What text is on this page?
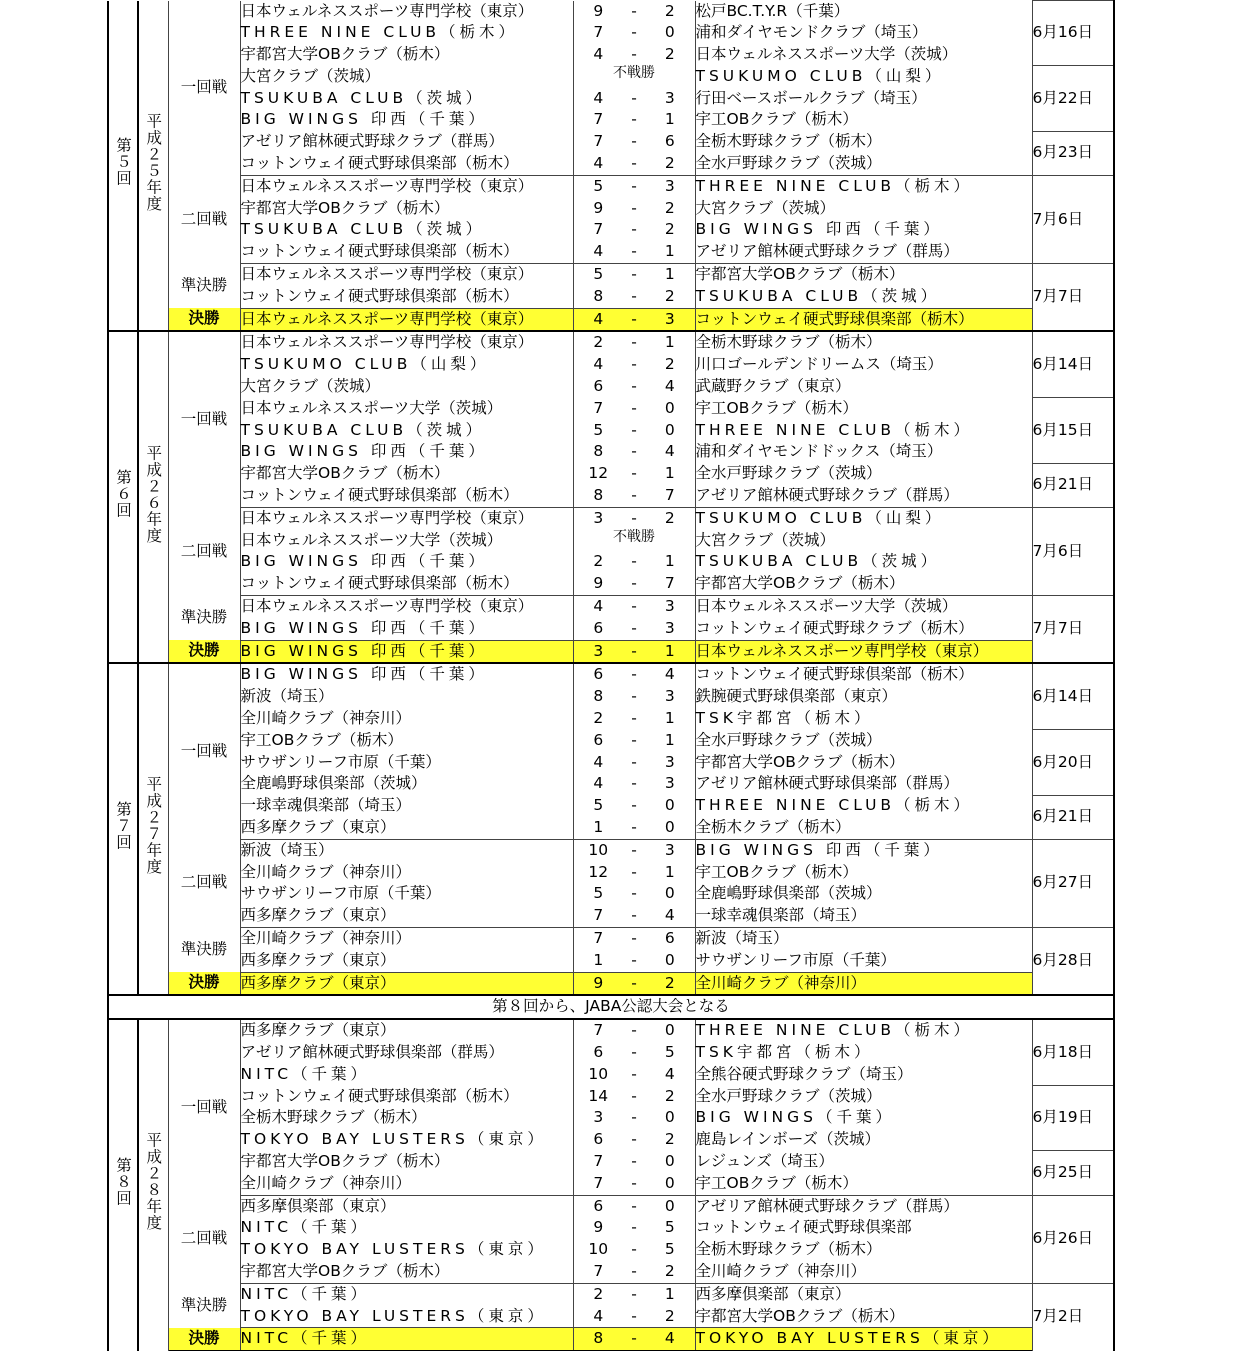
第５回	平成２５年度	一回戦	日本ウェルネススポーツ専門学校（東京）	9	-	2	松戸BC.T.Y.R（千葉）	6月16日
			THREE NINE CLUB（栃木）	7	-	0	浦和ダイヤモンドクラブ（埼玉）	
			宇都宮大学OBクラブ（栃木）	4	-	2	日本ウェルネススポーツ大学（茨城）	
			大宮クラブ（茨城）	不戦勝			TSUKUMO CLUB（山梨）	6月22日
			TSUKUBA CLUB（茨城）	4	-	3	行田ベースボールクラブ（埼玉）	
			BIG WINGS 印西（千葉）	7	-	1	宇工OBクラブ（栃木）	
			アゼリア館林硬式野球クラブ（群馬）	7	-	6	全栃木野球クラブ（栃木）	6月23日
			コットンウェイ硬式野球倶楽部（栃木）	4	-	2	全水戸野球クラブ（茨城）	
		二回戦	日本ウェルネススポーツ専門学校（東京）	5	-	3	THREE NINE CLUB（栃木）	7月6日
			宇都宮大学OBクラブ（栃木）	9	-	2	大宮クラブ（茨城）	
			TSUKUBA CLUB（茨城）	7	-	2	BIG WINGS 印西（千葉）	
			コットンウェイ硬式野球倶楽部（栃木）	4	-	1	アゼリア館林硬式野球クラブ（群馬）	
		準決勝	日本ウェルネススポーツ専門学校（東京）	5	-	1	宇都宮大学OBクラブ（栃木）	7月7日
			コットンウェイ硬式野球倶楽部（栃木）	8	-	2	TSUKUBA CLUB（茨城）	
		決勝	日本ウェルネススポーツ専門学校（東京）	4	-	3	コットンウェイ硬式野球倶楽部（栃木）	
第６回	平成２６年度	一回戦	日本ウェルネススポーツ専門学校（東京）	2	-	1	全栃木野球クラブ（栃木）	6月14日
			TSUKUMO CLUB（山梨）	4	-	2	川口ゴールデンドリームス（埼玉）	
			大宮クラブ（茨城）	6	-	4	武蔵野クラブ（東京）	
			日本ウェルネススポーツ大学（茨城）	7	-	0	宇工OBクラブ（栃木）	6月15日
			TSUKUBA CLUB（茨城）	5	-	0	THREE NINE CLUB（栃木）	
			BIG WINGS 印西（千葉）	8	-	4	浦和ダイヤモンドドックス（埼玉）	
			宇都宮大学OBクラブ（栃木）	12	-	1	全水戸野球クラブ（茨城）	6月21日
			コットンウェイ硬式野球倶楽部（栃木）	8	-	7	アゼリア館林硬式野球クラブ（群馬）	
		二回戦	日本ウェルネススポーツ専門学校（東京）	3	-	2	TSUKUMO CLUB（山梨）	7月6日
			日本ウェルネススポーツ大学（茨城）	不戦勝			大宮クラブ（茨城）	
			BIG WINGS 印西（千葉）	2	-	1	TSUKUBA CLUB（茨城）	
			コットンウェイ硬式野球倶楽部（栃木）	9	-	7	宇都宮大学OBクラブ（栃木）	
		準決勝	日本ウェルネススポーツ専門学校（東京）	4	-	3	日本ウェルネススポーツ大学（茨城）	7月7日
			BIG WINGS 印西（千葉）	6	-	3	コットンウェイ硬式野球クラブ（栃木）	
		決勝	BIG WINGS 印西（千葉）	3	-	1	日本ウェルネススポーツ専門学校（東京）	
第７回	平成２７年度	一回戦	BIG WINGS 印西（千葉）	6	-	4	コットンウェイ硬式野球倶楽部（栃木）	6月14日
			新波（埼玉）	8	-	3	鉄腕硬式野球倶楽部（東京）	
			全川崎クラブ（神奈川）	2	-	1	TSK宇都宮（栃木）	
			宇工OBクラブ（栃木）	6	-	1	全水戸野球クラブ（茨城）	6月20日
			サウザンリーフ市原（千葉）	4	-	3	宇都宮大学OBクラブ（栃木）	
			全鹿嶋野球倶楽部（茨城）	4	-	3	アゼリア館林硬式野球倶楽部（群馬）	
			一球幸魂倶楽部（埼玉）	5	-	0	THREE NINE CLUB（栃木）	6月21日
			西多摩クラブ（東京）	1	-	0	全栃木クラブ（栃木）	
		二回戦	新波（埼玉）	10	-	3	BIG WINGS 印西（千葉）	6月27日
			全川崎クラブ（神奈川）	12	-	1	宇工OBクラブ（栃木）	
			サウザンリーフ市原（千葉）	5	-	0	全鹿嶋野球倶楽部（茨城）	
			西多摩クラブ（東京）	7	-	4	一球幸魂倶楽部（埼玉）	
		準決勝	全川崎クラブ（神奈川）	7	-	6	新波（埼玉）	6月28日
			西多摩クラブ（東京）	1	-	0	サウザンリーフ市原（千葉）	
		決勝	西多摩クラブ（東京）	9	-	2	全川崎クラブ（神奈川）	
第８回から、JABA公認大会となる								
第８回	平成２８年度	一回戦	西多摩クラブ（東京）	7	-	0	THREE NINE CLUB（栃木）	6月18日
			アゼリア館林硬式野球倶楽部（群馬）	6	-	5	TSK宇都宮（栃木）	
			NITC（千葉）	10	-	4	全熊谷硬式野球クラブ（埼玉）	
			コットンウェイ硬式野球倶楽部（栃木）	14	-	2	全水戸野球クラブ（茨城）	6月19日
			全栃木野球クラブ（栃木）	3	-	0	BIG WINGS（千葉）	
			TOKYO BAY LUSTERS（東京）	6	-	2	鹿島レインボーズ（茨城）	
			宇都宮大学OBクラブ（栃木）	7	-	0	レジュンズ（埼玉）	6月25日
			全川崎クラブ（神奈川）	7	-	0	宇工OBクラブ（栃木）	
		二回戦	西多摩倶楽部（東京）	6	-	0	アゼリア館林硬式野球クラブ（群馬）	6月26日
			NITC（千葉）	9	-	5	コットンウェイ硬式野球倶楽部	
			TOKYO BAY LUSTERS（東京）	10	-	5	全栃木野球クラブ（栃木）	
			宇都宮大学OBクラブ（栃木）	7	-	2	全川崎クラブ（神奈川）	
		準決勝	NITC（千葉）	2	-	1	西多摩倶楽部（東京）	7月2日
			TOKYO BAY LUSTERS（東京）	4	-	2	宇都宮大学OBクラブ（栃木）	
		決勝	NITC（千葉）	8	-	4	TOKYO BAY LUSTERS（東京）	
